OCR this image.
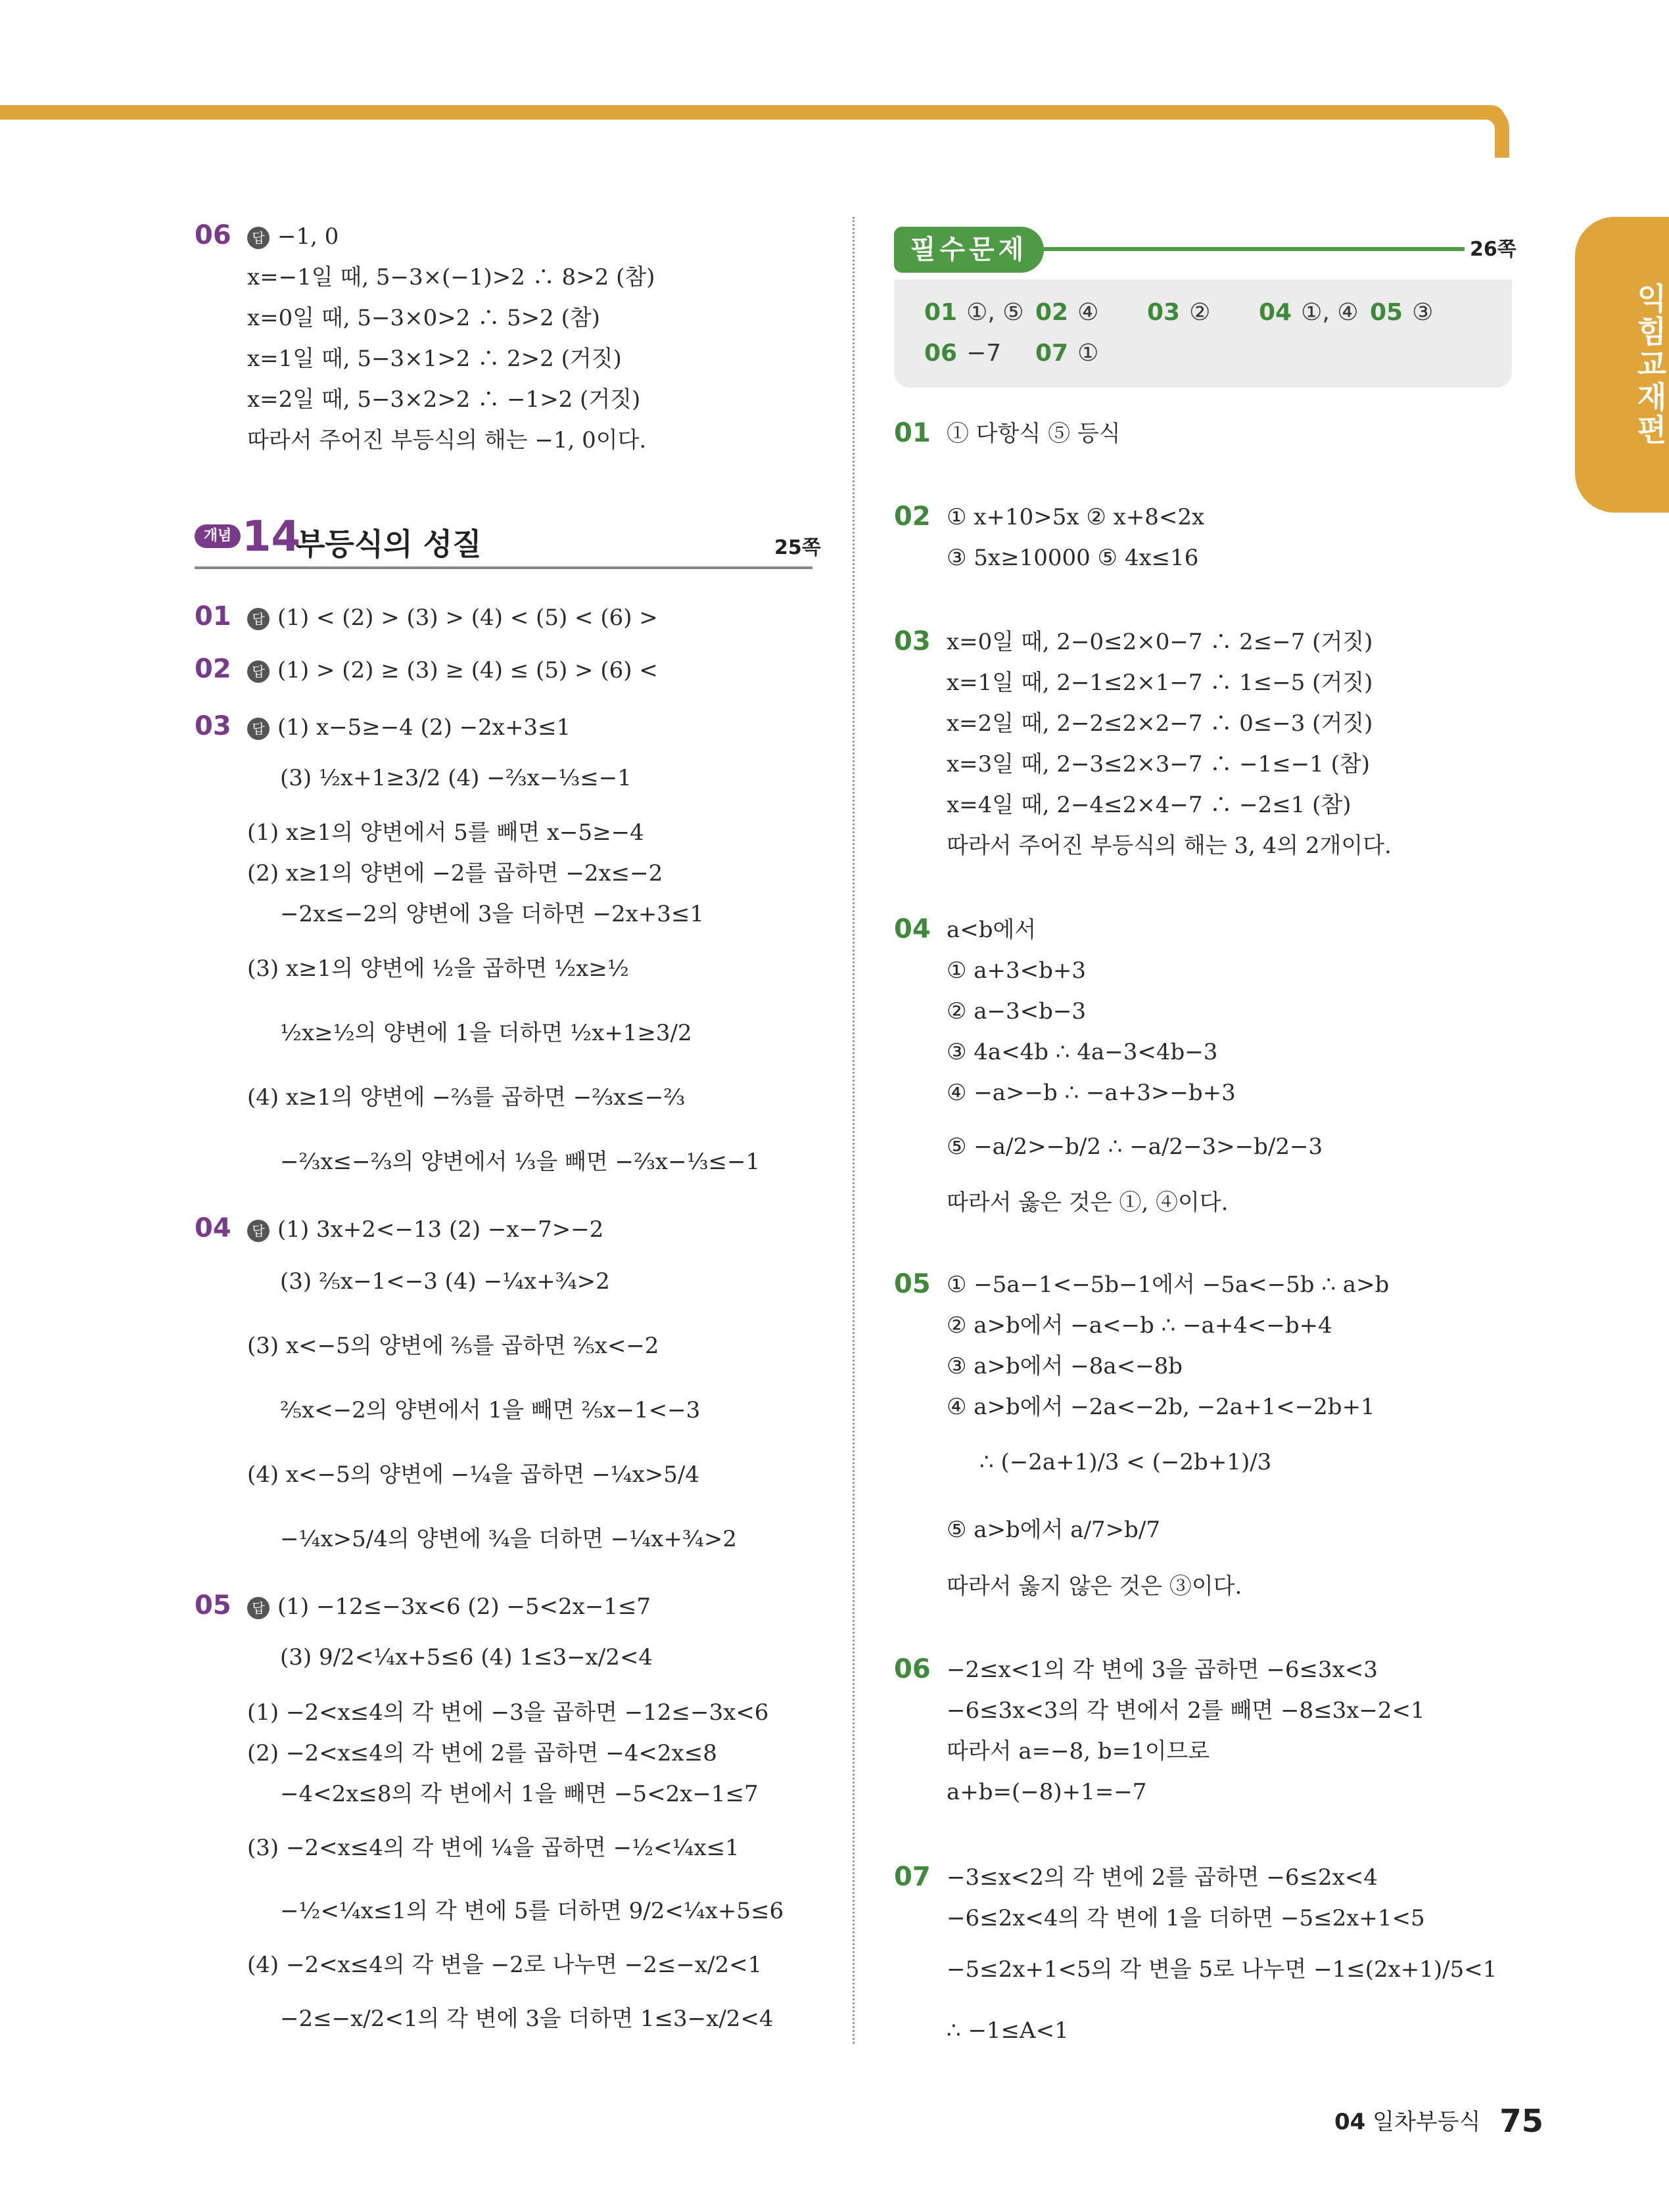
익힘교재편
06	답 −1, 0
x=−1일 때, 5−3×(−1)>2 ∴ 8>2 (참)
x=0일 때, 5−3×0>2 ∴ 5>2 (참)
x=1일 때, 5−3×1>2 ∴ 2>2 (거짓)
x=2일 때, 5−3×2>2 ∴ −1>2 (거짓)
따라서 주어진 부등식의 해는 −1, 0이다.
개념 14
부등식의 성질	25쪽
01	답 (1) < (2) > (3) > (4) < (5) < (6) >
02	답 (1) > (2) ≥ (3) ≥ (4) ≤ (5) > (6) <
03	답 (1) x−5≥−4 (2) −2x+3≤1
(3) ½x+1≥3/2 (4) −⅔x−⅓≤−1
(1) x≥1의 양변에서 5를 빼면 x−5≥−4
(2) x≥1의 양변에 −2를 곱하면 −2x≤−2
−2x≤−2의 양변에 3을 더하면 −2x+3≤1
(3) x≥1의 양변에 ½을 곱하면 ½x≥½
½x≥½의 양변에 1을 더하면 ½x+1≥3/2
(4) x≥1의 양변에 −⅔를 곱하면 −⅔x≤−⅔
−⅔x≤−⅔의 양변에서 ⅓을 빼면 −⅔x−⅓≤−1
04	답 (1) 3x+2<−13 (2) −x−7>−2
(3) ⅖x−1<−3 (4) −¼x+¾>2
(3) x<−5의 양변에 ⅖를 곱하면 ⅖x<−2
⅖x<−2의 양변에서 1을 빼면 ⅖x−1<−3
(4) x<−5의 양변에 −¼을 곱하면 −¼x>5/4
−¼x>5/4의 양변에 ¾을 더하면 −¼x+¾>2
05	답 (1) −12≤−3x<6 (2) −5<2x−1≤7
(3) 9/2<¼x+5≤6 (4) 1≤3−x/2<4
(1) −2<x≤4의 각 변에 −3을 곱하면 −12≤−3x<6
(2) −2<x≤4의 각 변에 2를 곱하면 −4<2x≤8
−4<2x≤8의 각 변에서 1을 빼면 −5<2x−1≤7
(3) −2<x≤4의 각 변에 ¼을 곱하면 −½<¼x≤1
−½<¼x≤1의 각 변에 5를 더하면 9/2<¼x+5≤6
(4) −2<x≤4의 각 변을 −2로 나누면 −2≤−x/2<1
−2≤−x/2<1의 각 변에 3을 더하면 1≤3−x/2<4
필수문제	26쪽
01 ①, ⑤ 02 ④ 03 ② 04 ①, ④ 05 ③
06 −7 07 ①
01 ① 다항식 ⑤ 등식
02 ① x+10>5x ② x+8<2x
③ 5x≥10000 ⑤ 4x≤16
03 x=0일 때, 2−0≤2×0−7 ∴ 2≤−7 (거짓)
x=1일 때, 2−1≤2×1−7 ∴ 1≤−5 (거짓)
x=2일 때, 2−2≤2×2−7 ∴ 0≤−3 (거짓)
x=3일 때, 2−3≤2×3−7 ∴ −1≤−1 (참)
x=4일 때, 2−4≤2×4−7 ∴ −2≤1 (참)
따라서 주어진 부등식의 해는 3, 4의 2개이다.
04 a<b에서
① a+3<b+3
② a−3<b−3
③ 4a<4b ∴ 4a−3<4b−3
④ −a>−b ∴ −a+3>−b+3
⑤ −a/2>−b/2 ∴ −a/2−3>−b/2−3
따라서 옳은 것은 ①, ④이다.
05 ① −5a−1<−5b−1에서 −5a<−5b ∴ a>b
② a>b에서 −a<−b ∴ −a+4<−b+4
③ a>b에서 −8a<−8b
④ a>b에서 −2a<−2b, −2a+1<−2b+1
∴ (−2a+1)/3 < (−2b+1)/3
⑤ a>b에서 a/7>b/7
따라서 옳지 않은 것은 ③이다.
06 −2≤x<1의 각 변에 3을 곱하면 −6≤3x<3
−6≤3x<3의 각 변에서 2를 빼면 −8≤3x−2<1
따라서 a=−8, b=1이므로
a+b=(−8)+1=−7
07 −3≤x<2의 각 변에 2를 곱하면 −6≤2x<4
−6≤2x<4의 각 변에 1을 더하면 −5≤2x+1<5
−5≤2x+1<5의 각 변을 5로 나누면 −1≤(2x+1)/5<1
∴ −1≤A<1
04 일차부등식 75
